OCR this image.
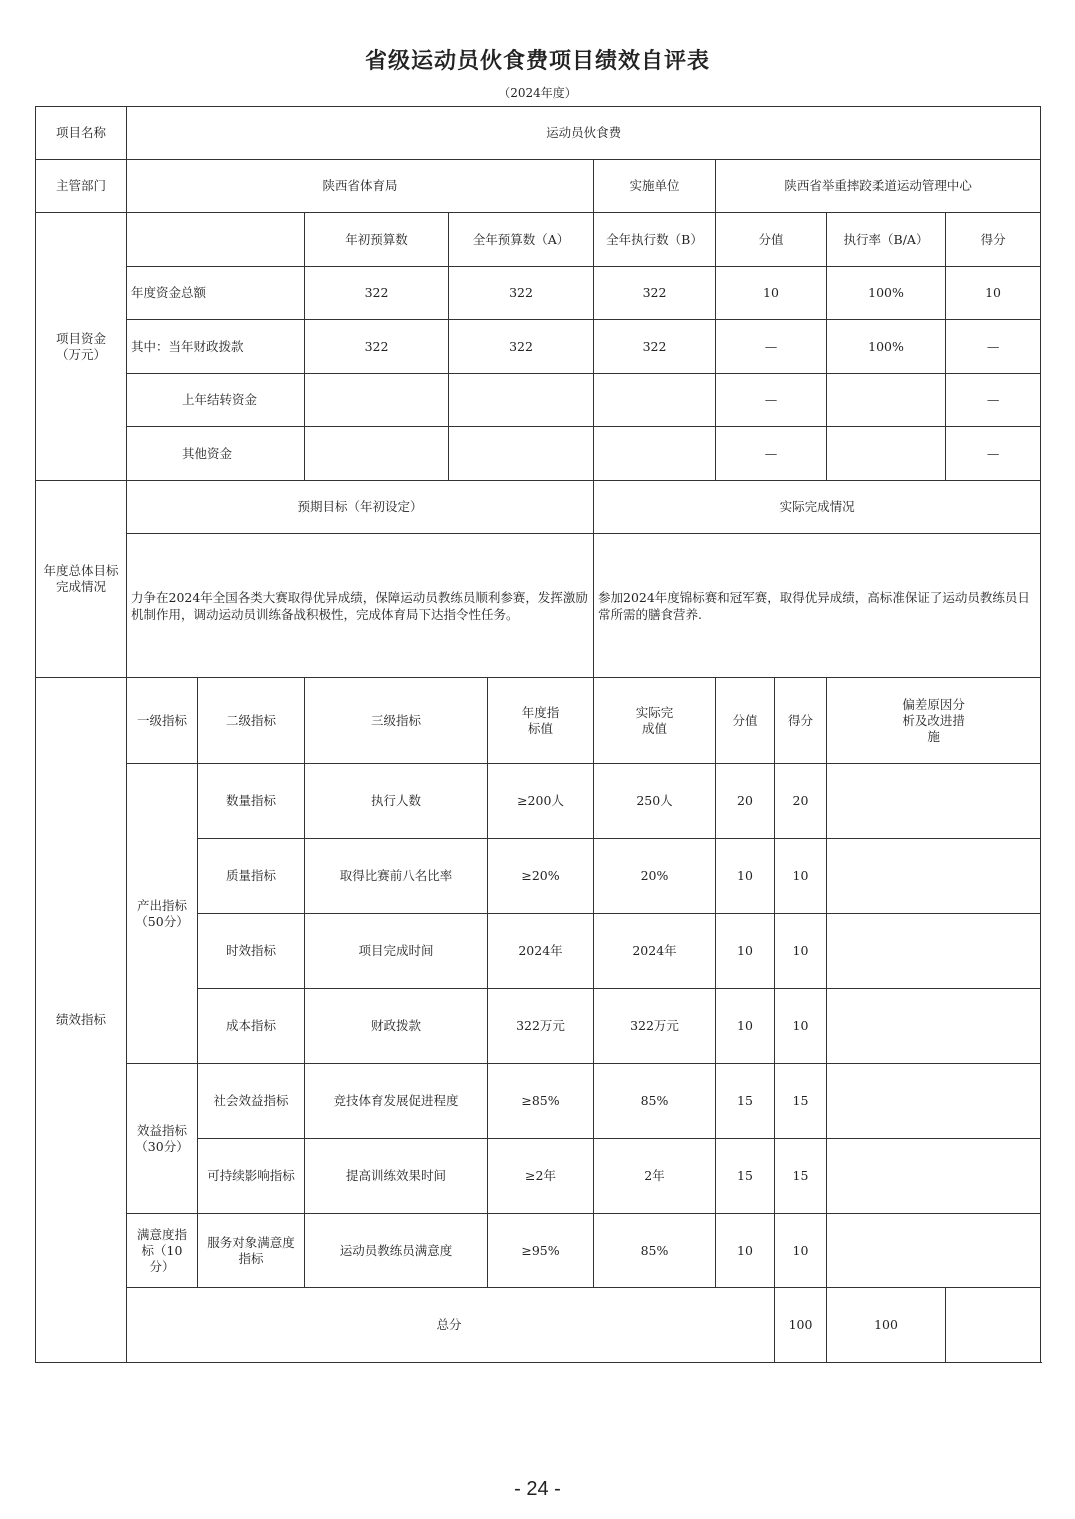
省级运动员伙食费项目绩效自评表
（2024年度）
项目名称	运动员伙食费									
主管部门	陕西省体育局					实施单位	陕西省举重摔跤柔道运动管理中心			
项目资金（万元）			年初预算数	全年预算数（A）		全年执行数（B）	分值		执行率（B/A）	得分
	年度资金总额		322	322		322	10		100%	10
	其中：当年财政拨款		322	322		322	—		100%	—
	上年结转资金						—			—
	其他资金						—			—
年度总体目标完成情况	预期目标（年初设定）					实际完成情况				
	力争在2024年全国各类大赛取得优异成绩，保障运动员教练员顺利参赛，发挥激励机制作用，调动运动员训练备战积极性，完成体育局下达指令性任务。					参加2024年度锦标赛和冠军赛，取得优异成绩，高标准保证了运动员教练员日常所需的膳食营养.				
绩效指标	一级指标	二级指标	三级指标		年度指标值	实际完成值	分值	得分	偏差原因分析及改进措施	
	产出指标（50分）	数量指标	执行人数		≥200人	250人	20	20		
		质量指标	取得比赛前八名比率		≥20%	20%	10	10		
		时效指标	项目完成时间		2024年	2024年	10	10		
		成本指标	财政拨款		322万元	322万元	10	10		
	效益指标（30分）	社会效益指标	竞技体育发展促进程度		≥85%	85%	15	15		
		可持续影响指标	提高训练效果时间		≥2年	2年	15	15		
	满意度指标（10分）	服务对象满意度指标	运动员教练员满意度		≥95%	85%	10	10		
	总分							100	100	
- 24 -
